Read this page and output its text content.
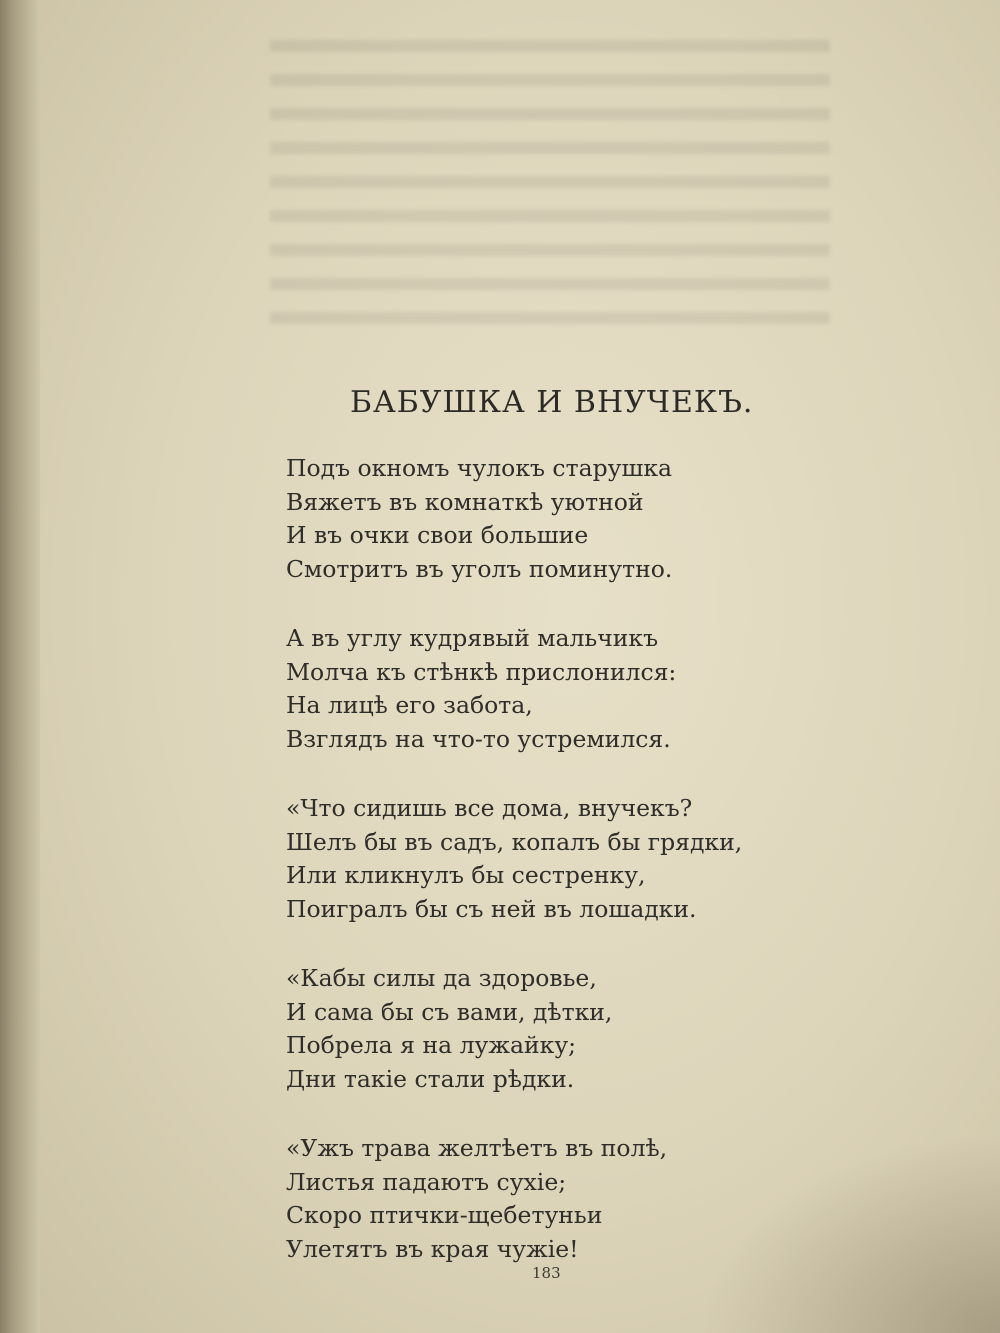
БАБУШКА И ВНУЧЕКЪ.
Подъ окномъ чулокъ старушка
Вяжетъ въ комнаткѣ уютной
И въ очки свои большие
Смотритъ въ уголъ поминутно.
А въ углу кудрявый мальчикъ
Молча къ стѣнкѣ прислонился:
На лицѣ его забота,
Взглядъ на что-то устремился.
«Что сидишь все дома, внучекъ?
Шелъ бы въ садъ, копалъ бы грядки,
Или кликнулъ бы сестренку,
Поигралъ бы съ ней въ лошадки.
«Кабы силы да здоровье,
И сама бы съ вами, дѣтки,
Побрела я на лужайку;
Дни такіе стали рѣдки.
«Ужъ трава желтѣетъ въ полѣ,
Листья падаютъ сухіе;
Скоро птички-щебетуньи
Улетятъ въ края чужіе!
183
